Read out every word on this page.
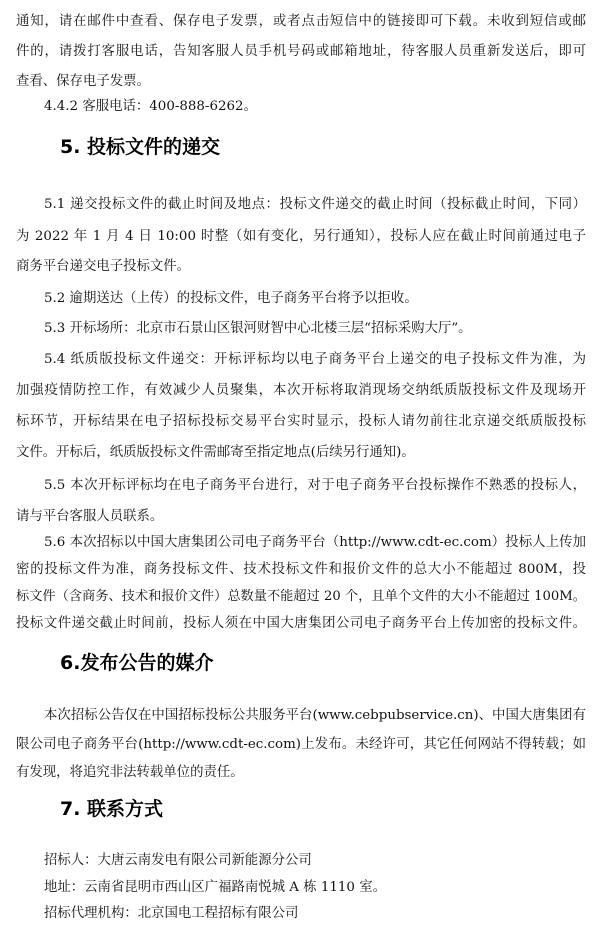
通知，请在邮件中查看、保存电子发票，或者点击短信中的链接即可下载。未收到短信或邮
件的，请拨打客服电话，告知客服人员手机号码或邮箱地址，待客服人员重新发送后，即可
查看、保存电子发票。
4.4.2 客服电话：400-888-6262。
5. 投标文件的递交
5.1 递交投标文件的截止时间及地点：投标文件递交的截止时间（投标截止时间，下同）
为 2022 年 1 月 4 日 10:00 时整（如有变化，另行通知），投标人应在截止时间前通过电子
商务平台递交电子投标文件。
5.2 逾期送达（上传）的投标文件，电子商务平台将予以拒收。
5.3 开标场所：北京市石景山区银河财智中心北楼三层“招标采购大厅”。
5.4 纸质版投标文件递交：开标评标均以电子商务平台上递交的电子投标文件为准，为
加强疫情防控工作，有效减少人员聚集，本次开标将取消现场交纳纸质版投标文件及现场开
标环节，开标结果在电子招标投标交易平台实时显示，投标人请勿前往北京递交纸质版投标
文件。开标后，纸质版投标文件需邮寄至指定地点(后续另行通知)。
5.5 本次开标评标均在电子商务平台进行，对于电子商务平台投标操作不熟悉的投标人，
请与平台客服人员联系。
5.6 本次招标以中国大唐集团公司电子商务平台（http://www.cdt-ec.com）投标人上传加
密的投标文件为准，商务投标文件、技术投标文件和报价文件的总大小不能超过 800M，投
标文件（含商务、技术和报价文件）总数量不能超过 20 个，且单个文件的大小不能超过 100M。
投标文件递交截止时间前，投标人须在中国大唐集团公司电子商务平台上传加密的投标文件。
6.发布公告的媒介
本次招标公告仅在中国招标投标公共服务平台(www.cebpubservice.cn)、中国大唐集团有
限公司电子商务平台(http://www.cdt-ec.com)上发布。未经许可，其它任何网站不得转载；如
有发现，将追究非法转载单位的责任。
7. 联系方式
招标人：大唐云南发电有限公司新能源分公司
地址：云南省昆明市西山区广福路南悦城 A 栋 1110 室。
招标代理机构：北京国电工程招标有限公司
